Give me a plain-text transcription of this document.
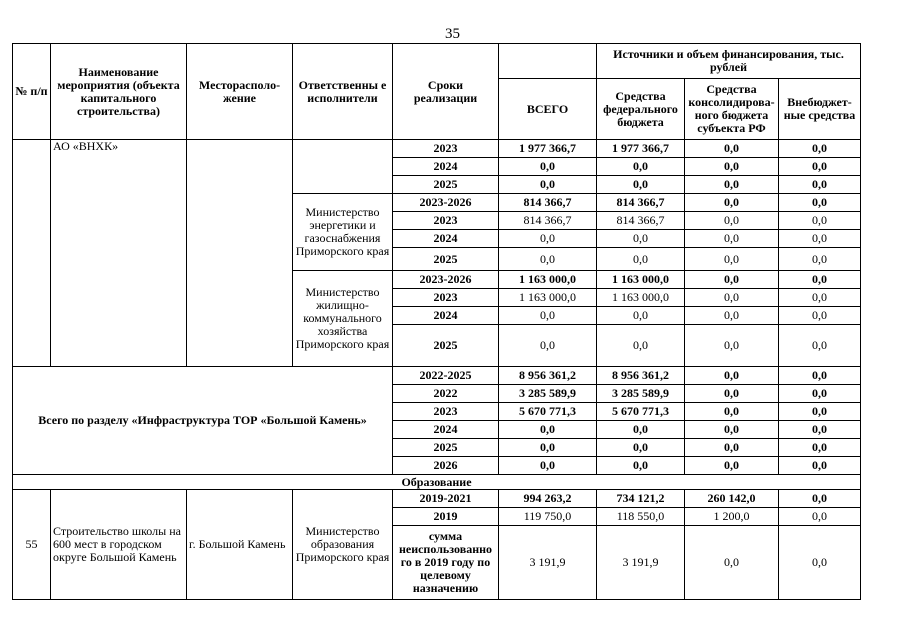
35
№ п/п	Наименование мероприятия (объекта капитального строительства)	Месторасполо-жение	Ответственны е исполнители	Сроки реализации		Источники и объем финансирования, тыс. рублей		
					ВСЕГО	Средства федерального бюджета	Средства консолидирова-ного бюджета субъекта РФ	Внебюджет-ные средства
	АО «ВНХК»			2023	1 977 366,7	1 977 366,7	0,0	0,0
				2024	0,0	0,0	0,0	0,0
				2025	0,0	0,0	0,0	0,0
			Министерство энергетики и газоснабжения Приморского края	2023-2026	814 366,7	814 366,7	0,0	0,0
				2023	814 366,7	814 366,7	0,0	0,0
				2024	0,0	0,0	0,0	0,0
				2025	0,0	0,0	0,0	0,0
			Министерство жилищно-коммунального хозяйства Приморского края	2023-2026	1 163 000,0	1 163 000,0	0,0	0,0
				2023	1 163 000,0	1 163 000,0	0,0	0,0
				2024	0,0	0,0	0,0	0,0
				2025	0,0	0,0	0,0	0,0
Всего по разделу «Инфраструктура ТОР «Большой Камень»				2022-2025	8 956 361,2	8 956 361,2	0,0	0,0
				2022	3 285 589,9	3 285 589,9	0,0	0,0
				2023	5 670 771,3	5 670 771,3	0,0	0,0
				2024	0,0	0,0	0,0	0,0
				2025	0,0	0,0	0,0	0,0
				2026	0,0	0,0	0,0	0,0
Образование								
55	Строительство школы на 600 мест в городском округе Большой Камень	г. Большой Камень	Министерство образования Приморского края	2019-2021	994 263,2	734 121,2	260 142,0	0,0
				2019	119 750,0	118 550,0	1 200,0	0,0
				сумма неиспользованно го в 2019 году по целевому назначению	3 191,9	3 191,9	0,0	0,0
